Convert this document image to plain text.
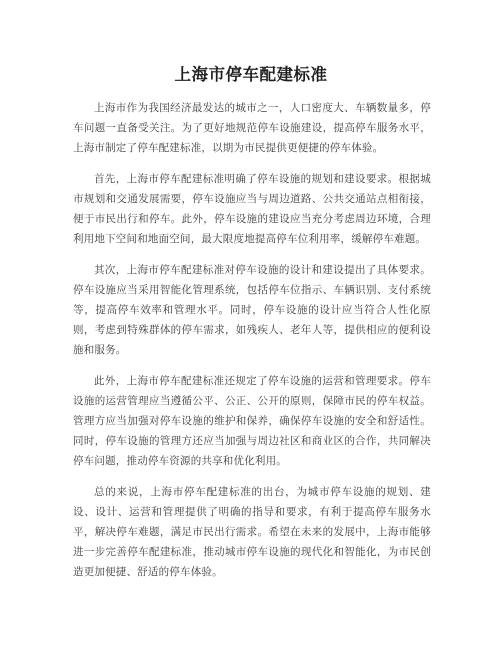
上海市停车配建标准

上海市作为我国经济最发达的城市之一，人口密度大、车辆数量多，停车问题一直备受关注。为了更好地规范停车设施建设，提高停车服务水平，上海市制定了停车配建标准，以期为市民提供更便捷的停车体验。

首先，上海市停车配建标准明确了停车设施的规划和建设要求。根据城市规划和交通发展需要，停车设施应当与周边道路、公共交通站点相衔接，便于市民出行和停车。此外，停车设施的建设应当充分考虑周边环境，合理利用地下空间和地面空间，最大限度地提高停车位利用率，缓解停车难题。

其次，上海市停车配建标准对停车设施的设计和建设提出了具体要求。停车设施应当采用智能化管理系统，包括停车位指示、车辆识别、支付系统等，提高停车效率和管理水平。同时，停车设施的设计应当符合人性化原则，考虑到特殊群体的停车需求，如残疾人、老年人等，提供相应的便利设施和服务。

此外，上海市停车配建标准还规定了停车设施的运营和管理要求。停车设施的运营管理应当遵循公平、公正、公开的原则，保障市民的停车权益。管理方应当加强对停车设施的维护和保养，确保停车设施的安全和舒适性。同时，停车设施的管理方还应当加强与周边社区和商业区的合作，共同解决停车问题，推动停车资源的共享和优化利用。

总的来说，上海市停车配建标准的出台，为城市停车设施的规划、建设、设计、运营和管理提供了明确的指导和要求，有利于提高停车服务水平，解决停车难题，满足市民出行需求。希望在未来的发展中，上海市能够进一步完善停车配建标准，推动城市停车设施的现代化和智能化，为市民创造更加便捷、舒适的停车体验。
